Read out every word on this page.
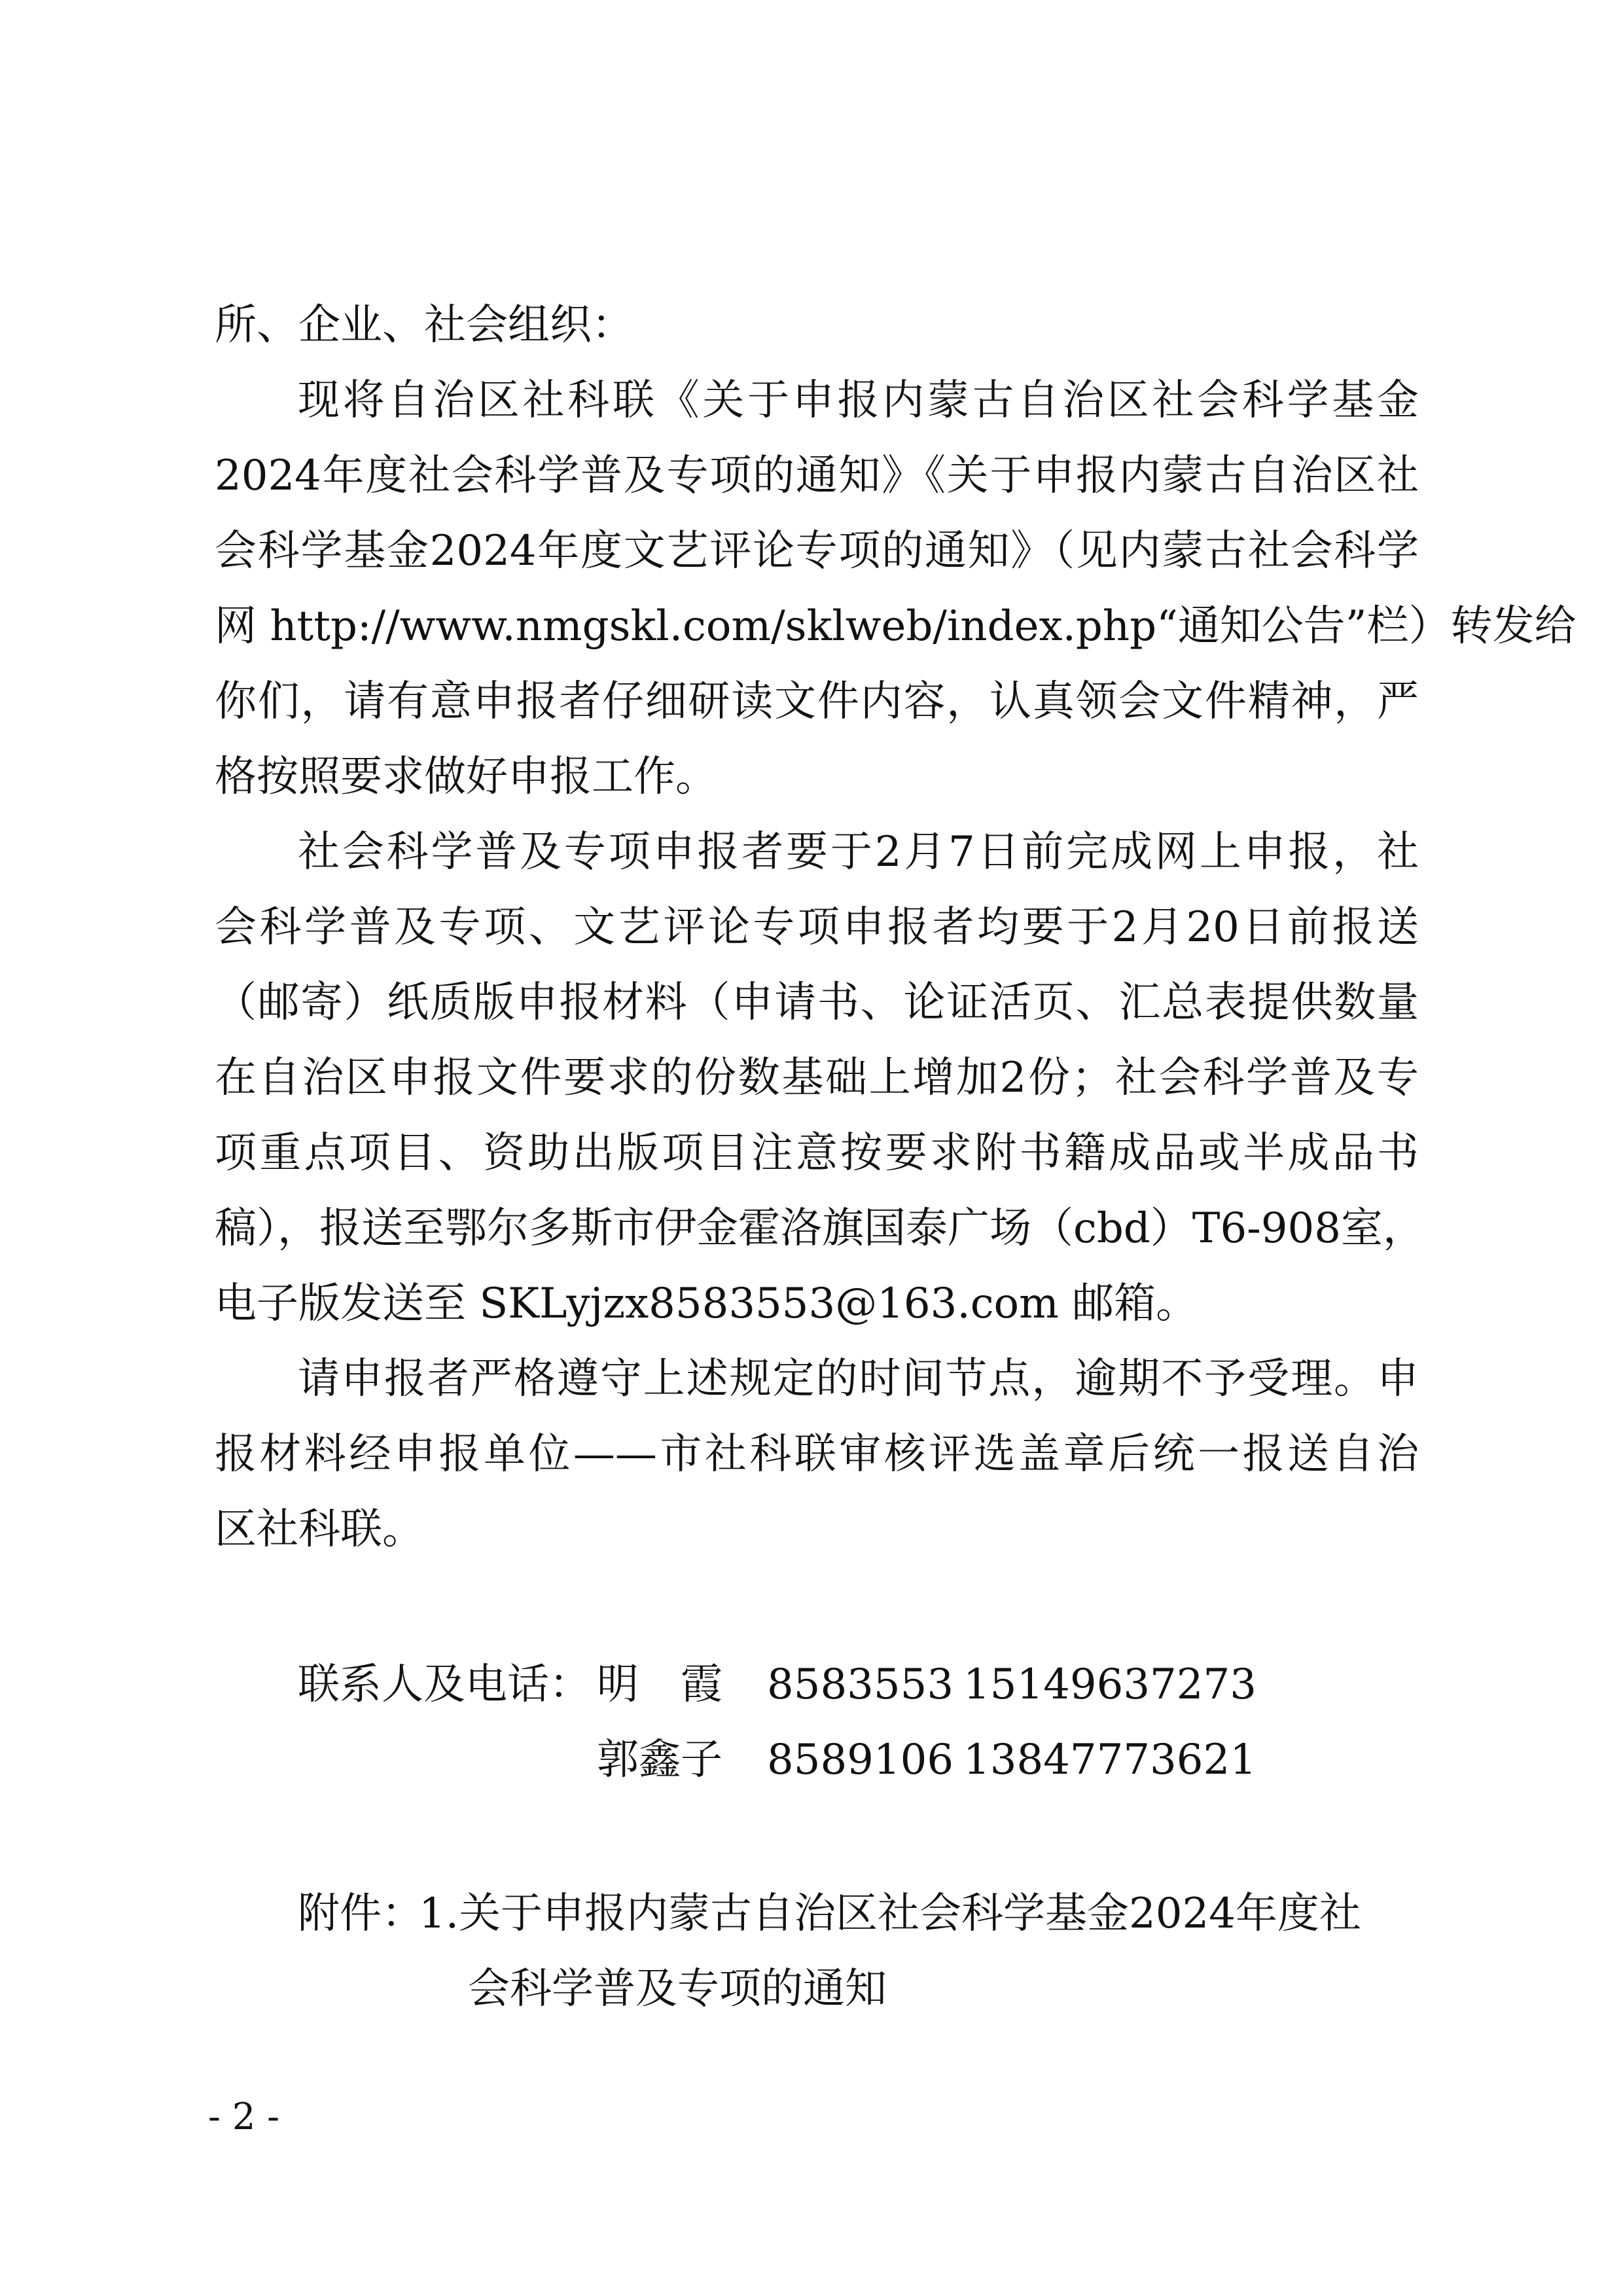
所、企业、社会组织：
现将自治区社科联《关于申报内蒙古自治区社会科学基金
2024年度社会科学普及专项的通知》《关于申报内蒙古自治区社
会科学基金2024年度文艺评论专项的通知》（见内蒙古社会科学
网 http://www.nmgskl.com/sklweb/index.php“通知公告”栏）转发给
你们，请有意申报者仔细研读文件内容，认真领会文件精神，严
格按照要求做好申报工作。
社会科学普及专项申报者要于2月7日前完成网上申报，社
会科学普及专项、文艺评论专项申报者均要于2月20日前报送
（邮寄）纸质版申报材料（申请书、论证活页、汇总表提供数量
在自治区申报文件要求的份数基础上增加2份；社会科学普及专
项重点项目、资助出版项目注意按要求附书籍成品或半成品书
稿），报送至鄂尔多斯市伊金霍洛旗国泰广场（cbd）T6-908室，
电子版发送至 SKLyjzx8583553@163.com 邮箱。
请申报者严格遵守上述规定的时间节点，逾期不予受理。申
报材料经申报单位——市社科联审核评选盖章后统一报送自治
区社科联。
联系人及电话： 明　霞 8583553 15149637273
郭鑫子 8589106 13847773621
附件：
1.关于申报内蒙古自治区社会科学基金2024年度社
会科学普及专项的通知
- 2 -
